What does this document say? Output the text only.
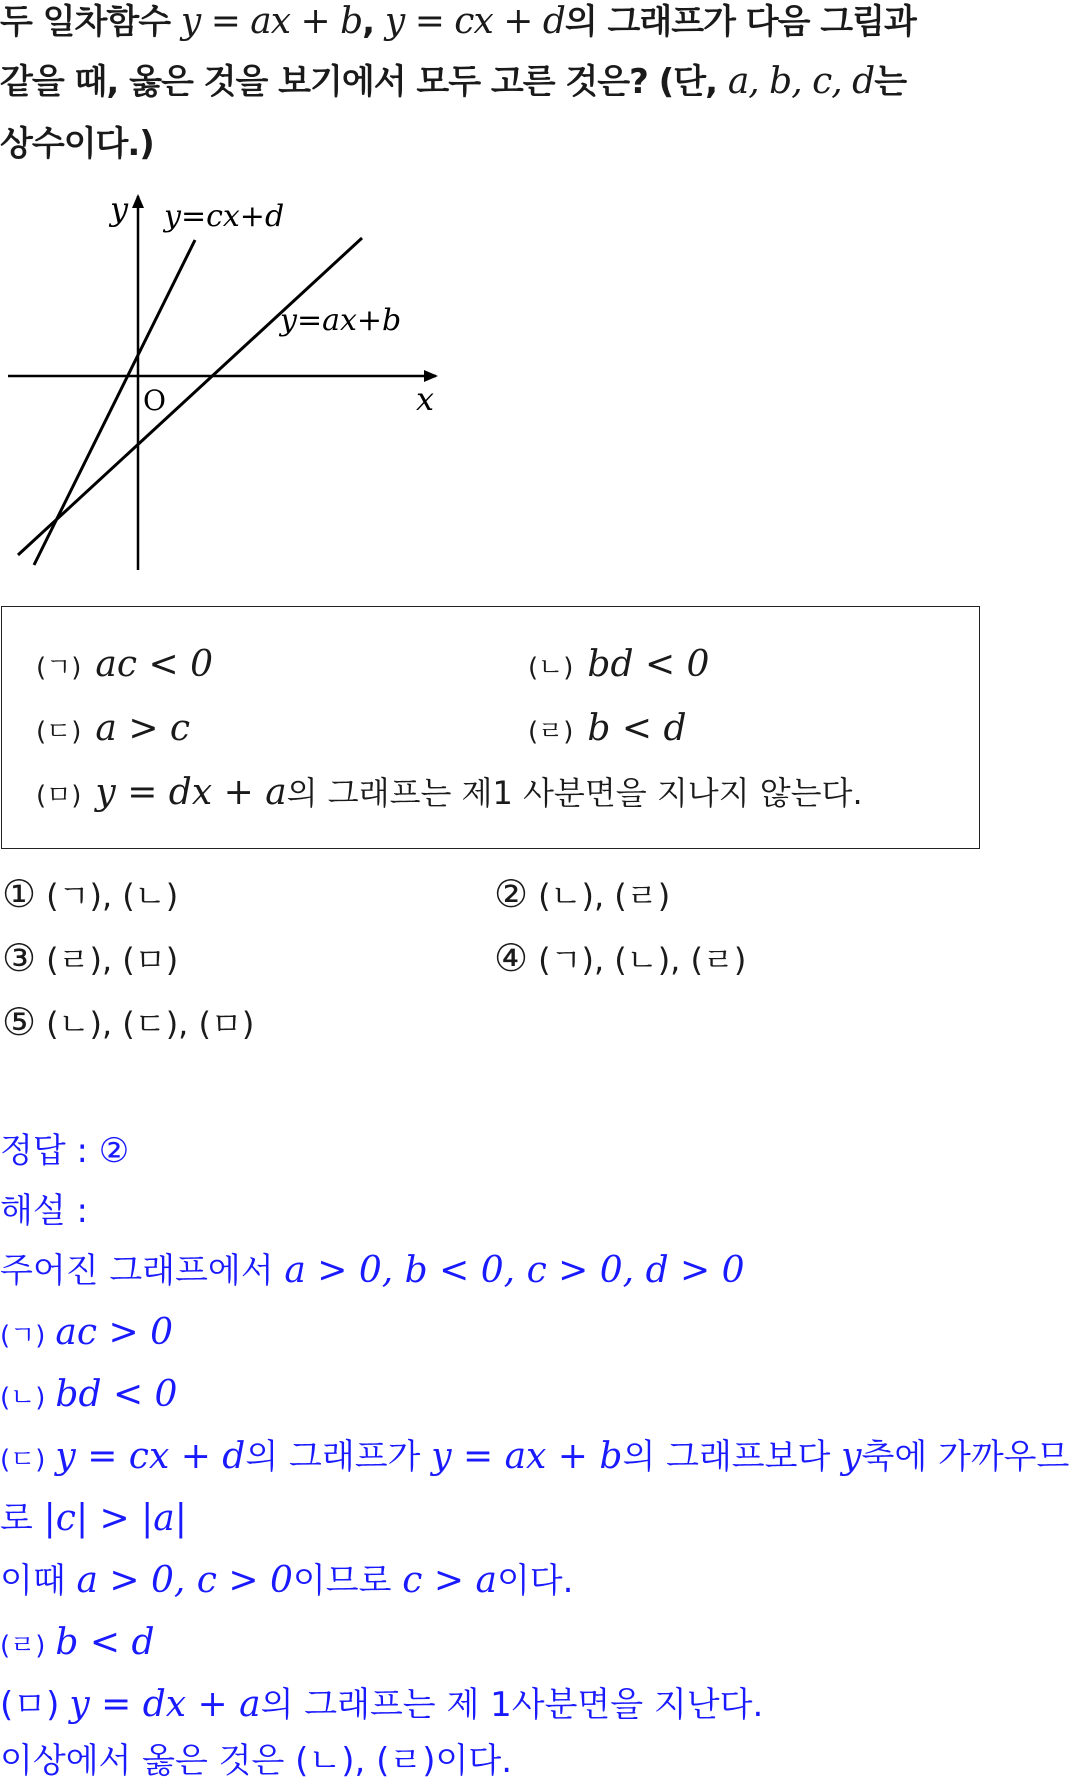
두 일차함수 y = ax + b, y = cx + d의 그래프가 다음 그림과
같을 때, 옳은 것을 보기에서 모두 고른 것은? (단, a, b, c, d는
상수이다.)
y
x
O
y=cx+d
y=ax+b
(ㄱ) ac < 0	(ㄴ) bd < 0
(ㄷ) a > c	(ㄹ) b < d
(ㅁ) y = dx + a의 그래프는 제1 사분면을 지나지 않는다.
① (ㄱ), (ㄴ)	② (ㄴ), (ㄹ)
③ (ㄹ), (ㅁ)	④ (ㄱ), (ㄴ), (ㄹ)
⑤ (ㄴ), (ㄷ), (ㅁ)
정답 : ②
해설 :
주어진 그래프에서 a > 0, b < 0, c > 0, d > 0
(ㄱ) ac > 0
(ㄴ) bd < 0
(ㄷ) y = cx + d의 그래프가 y = ax + b의 그래프보다 y축에 가까우므
로 |c| > |a|
이때 a > 0, c > 0이므로 c > a이다.
(ㄹ) b < d
(ㅁ) y = dx + a의 그래프는 제 1사분면을 지난다.
이상에서 옳은 것은 (ㄴ), (ㄹ)이다.
